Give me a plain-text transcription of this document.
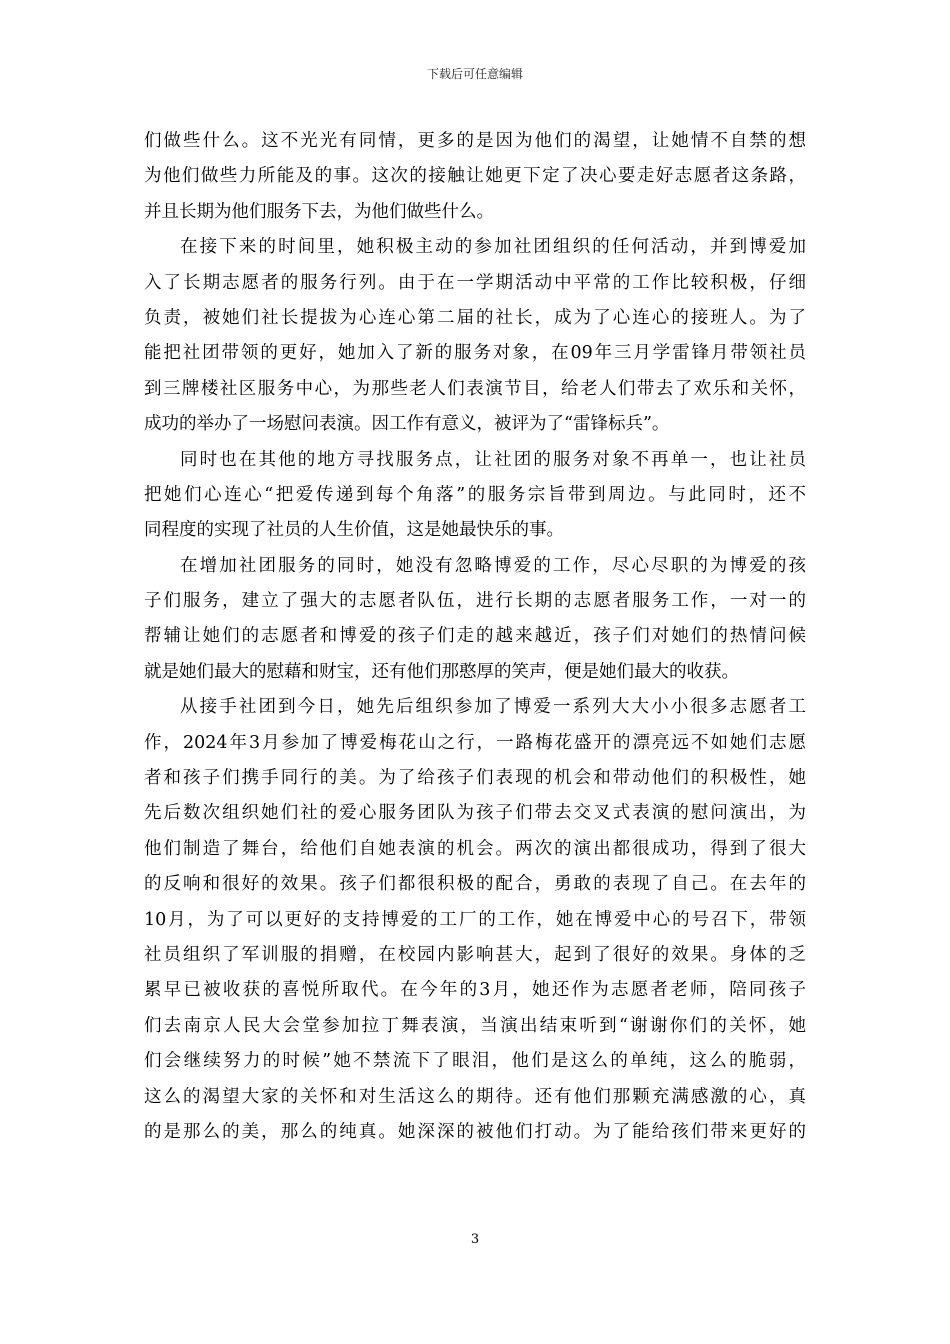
下载后可任意编辑
们做些什么。这不光光有同情，更多的是因为他们的渴望，让她情不自禁的想
为他们做些力所能及的事。这次的接触让她更下定了决心要走好志愿者这条路，
并且长期为他们服务下去，为他们做些什么。
在接下来的时间里，她积极主动的参加社团组织的任何活动，并到博爱加
入了长期志愿者的服务行列。由于在一学期活动中平常的工作比较积极，仔细
负责，被她们社长提拔为心连心第二届的社长，成为了心连心的接班人。为了
能把社团带领的更好，她加入了新的服务对象，在09年三月学雷锋月带领社员
到三牌楼社区服务中心，为那些老人们表演节目，给老人们带去了欢乐和关怀，
成功的举办了一场慰问表演。因工作有意义，被评为了“雷锋标兵”。
同时也在其他的地方寻找服务点，让社团的服务对象不再单一，也让社员
把她们心连心“把爱传递到每个角落”的服务宗旨带到周边。与此同时，还不
同程度的实现了社员的人生价值，这是她最快乐的事。
在增加社团服务的同时，她没有忽略博爱的工作，尽心尽职的为博爱的孩
子们服务，建立了强大的志愿者队伍，进行长期的志愿者服务工作，一对一的
帮辅让她们的志愿者和博爱的孩子们走的越来越近，孩子们对她们的热情问候
就是她们最大的慰藉和财宝，还有他们那憨厚的笑声，便是她们最大的收获。
从接手社团到今日，她先后组织参加了博爱一系列大大小小很多志愿者工
作，2024年3月参加了博爱梅花山之行，一路梅花盛开的漂亮远不如她们志愿
者和孩子们携手同行的美。为了给孩子们表现的机会和带动他们的积极性，她
先后数次组织她们社的爱心服务团队为孩子们带去交叉式表演的慰问演出，为
他们制造了舞台，给他们自她表演的机会。两次的演出都很成功，得到了很大
的反响和很好的效果。孩子们都很积极的配合，勇敢的表现了自己。在去年的
10月，为了可以更好的支持博爱的工厂的工作，她在博爱中心的号召下，带领
社员组织了军训服的捐赠，在校园内影响甚大，起到了很好的效果。身体的乏
累早已被收获的喜悦所取代。在今年的3月，她还作为志愿者老师，陪同孩子
们去南京人民大会堂参加拉丁舞表演，当演出结束听到“谢谢你们的关怀，她
们会继续努力的时候”她不禁流下了眼泪，他们是这么的单纯，这么的脆弱，
这么的渴望大家的关怀和对生活这么的期待。还有他们那颗充满感激的心，真
的是那么的美，那么的纯真。她深深的被他们打动。为了能给孩们带来更好的
3
